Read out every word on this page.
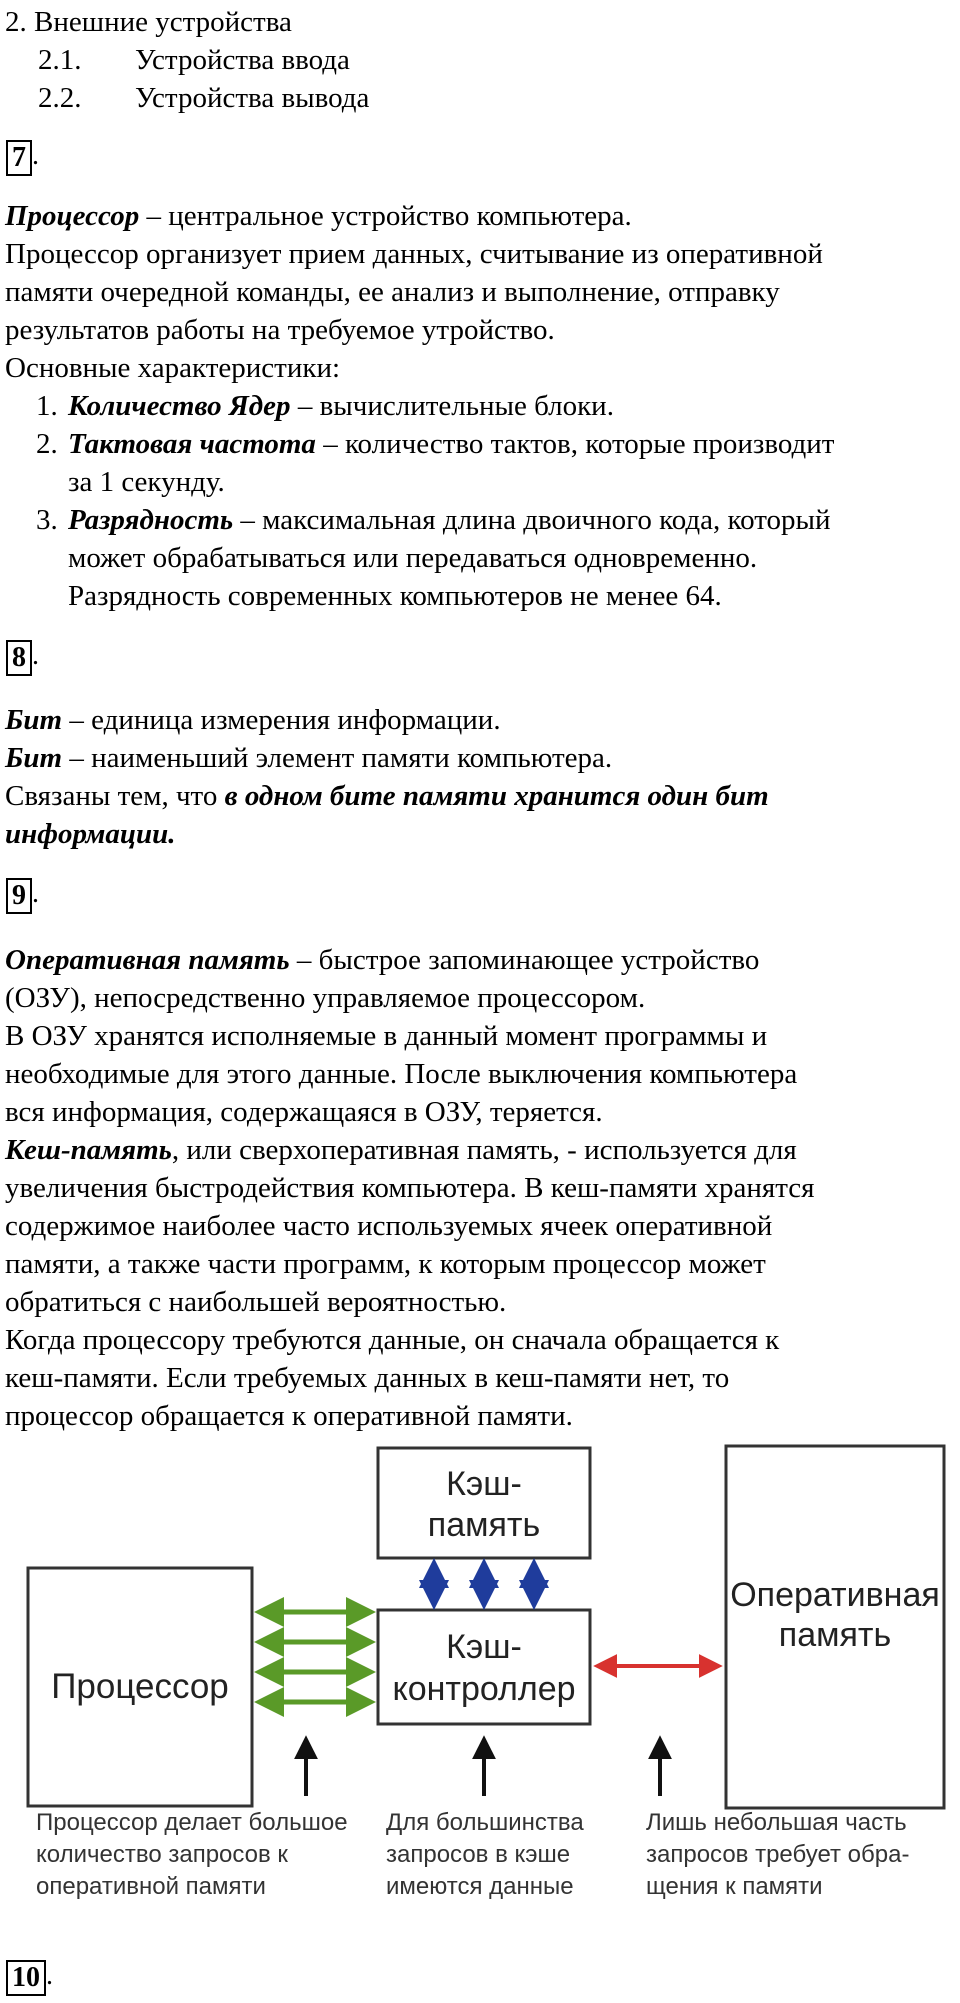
2. Внешние устройства
2.1. Устройства ввода
2.2. Устройства вывода
7 .
Процессор – центральное устройство компьютера.
Процессор организует прием данных, считывание из оперативной
памяти очередной команды, ее анализ и выполнение, отправку
результатов работы на требуемое утройство.
Основные характеристики:
1. Количество Ядер – вычислительные блоки.
2. Тактовая частота – количество тактов, которые производит
за 1 секунду.
3. Разрядность – максимальная длина двоичного кода, который
может обрабатываться или передаваться одновременно.
Разрядность современных компьютеров не менее 64.
8 .
Бит – единица измерения информации.
Бит – наименьший элемент памяти компьютера.
Связаны тем, что в одном бите памяти хранится один бит
информации.
9 .
Оперативная память – быстрое запоминающее устройство
(ОЗУ), непосредственно управляемое процессором.
В ОЗУ хранятся исполняемые в данный момент программы и
необходимые для этого данные. После выключения компьютера
вся информация, содержащаяся в ОЗУ, теряется.
Кеш-память, или сверхоперативная память, - используется для
увеличения быстродействия компьютера. В кеш-памяти хранятся
содержимое наиболее часто используемых ячеек оперативной
памяти, а также части программ, к которым процессор может
обратиться с наибольшей вероятностью.
Когда процессору требуются данные, он сначала обращается к
кеш-памяти. Если требуемых данных в кеш-памяти нет, то
процессор обращается к оперативной памяти.
Кэш-
память
Процессор
Кэш-
контроллер
Оперативная
память
Процессор делает большое
количество запросов к
оперативной памяти
Для большинства
запросов в кэше
имеются данные
Лишь небольшая часть
запросов требует обра-
щения к памяти
10 .
